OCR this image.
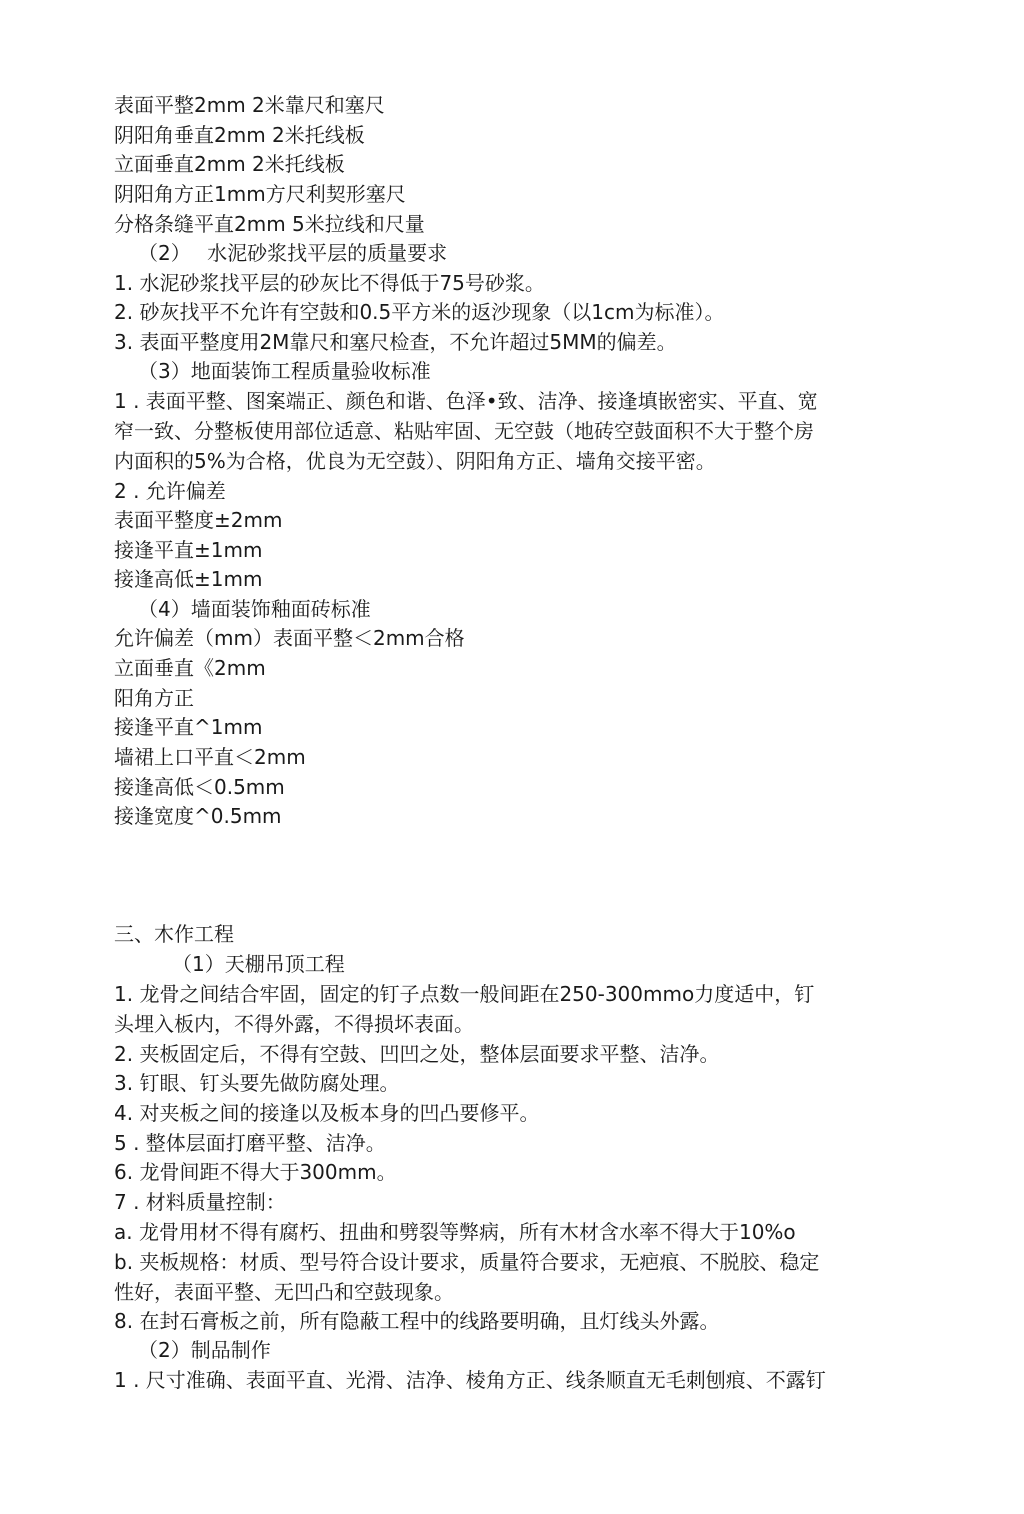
表面平整2mm 2米靠尺和塞尺
阴阳角垂直2mm 2米托线板
立面垂直2mm 2米托线板
阴阳角方正1mm方尺利契形塞尺
分格条缝平直2mm 5米拉线和尺量
（2）　 水泥砂浆找平层的质量要求
1. 水泥砂浆找平层的砂灰比不得低于75号砂浆。
2. 砂灰找平不允许有空鼓和0.5平方米的返沙现象（以1cm为标准）。
3. 表面平整度用2M靠尺和塞尺检查，不允许超过5MM的偏差。
（3）地面装饰工程质量验收标准
1 . 表面平整、图案端正、颜色和谐、色泽•致、洁净、接逢填嵌密实、平直、宽
窄一致、分整板使用部位适意、粘贴牢固、无空鼓（地砖空鼓面积不大于整个房
内面积的5%为合格，优良为无空鼓）、阴阳角方正、墙角交接平密。
2 . 允许偏差
表面平整度±2mm
接逢平直±1mm
接逢高低±1mm
（4）墙面装饰釉面砖标准
允许偏差（mm）表面平整＜2mm合格
立面垂直《2mm
阳角方正
接逢平直^1mm
墙裙上口平直＜2mm
接逢高低＜0.5mm
接逢宽度^0.5mm
三、木作工程
（1）天棚吊顶工程
1. 龙骨之间结合牢固，固定的钉子点数一般间距在250-300mmo力度适中，钉
头埋入板内，不得外露，不得损坏表面。
2. 夹板固定后，不得有空鼓、凹凹之处，整体层面要求平整、洁净。
3. 钉眼、钉头要先做防腐处理。
4. 对夹板之间的接逢以及板本身的凹凸要修平。
5 . 整体层面打磨平整、洁净。
6. 龙骨间距不得大于300mm。
7 . 材料质量控制：
a. 龙骨用材不得有腐朽、扭曲和劈裂等弊病，所有木材含水率不得大于10%o
b. 夹板规格：材质、型号符合设计要求，质量符合要求，无疤痕、不脱胶、稳定
性好，表面平整、无凹凸和空鼓现象。
8. 在封石膏板之前，所有隐蔽工程中的线路要明确，且灯线头外露。
（2）制品制作
1 . 尺寸准确、表面平直、光滑、洁净、棱角方正、线条顺直无毛刺刨痕、不露钉
